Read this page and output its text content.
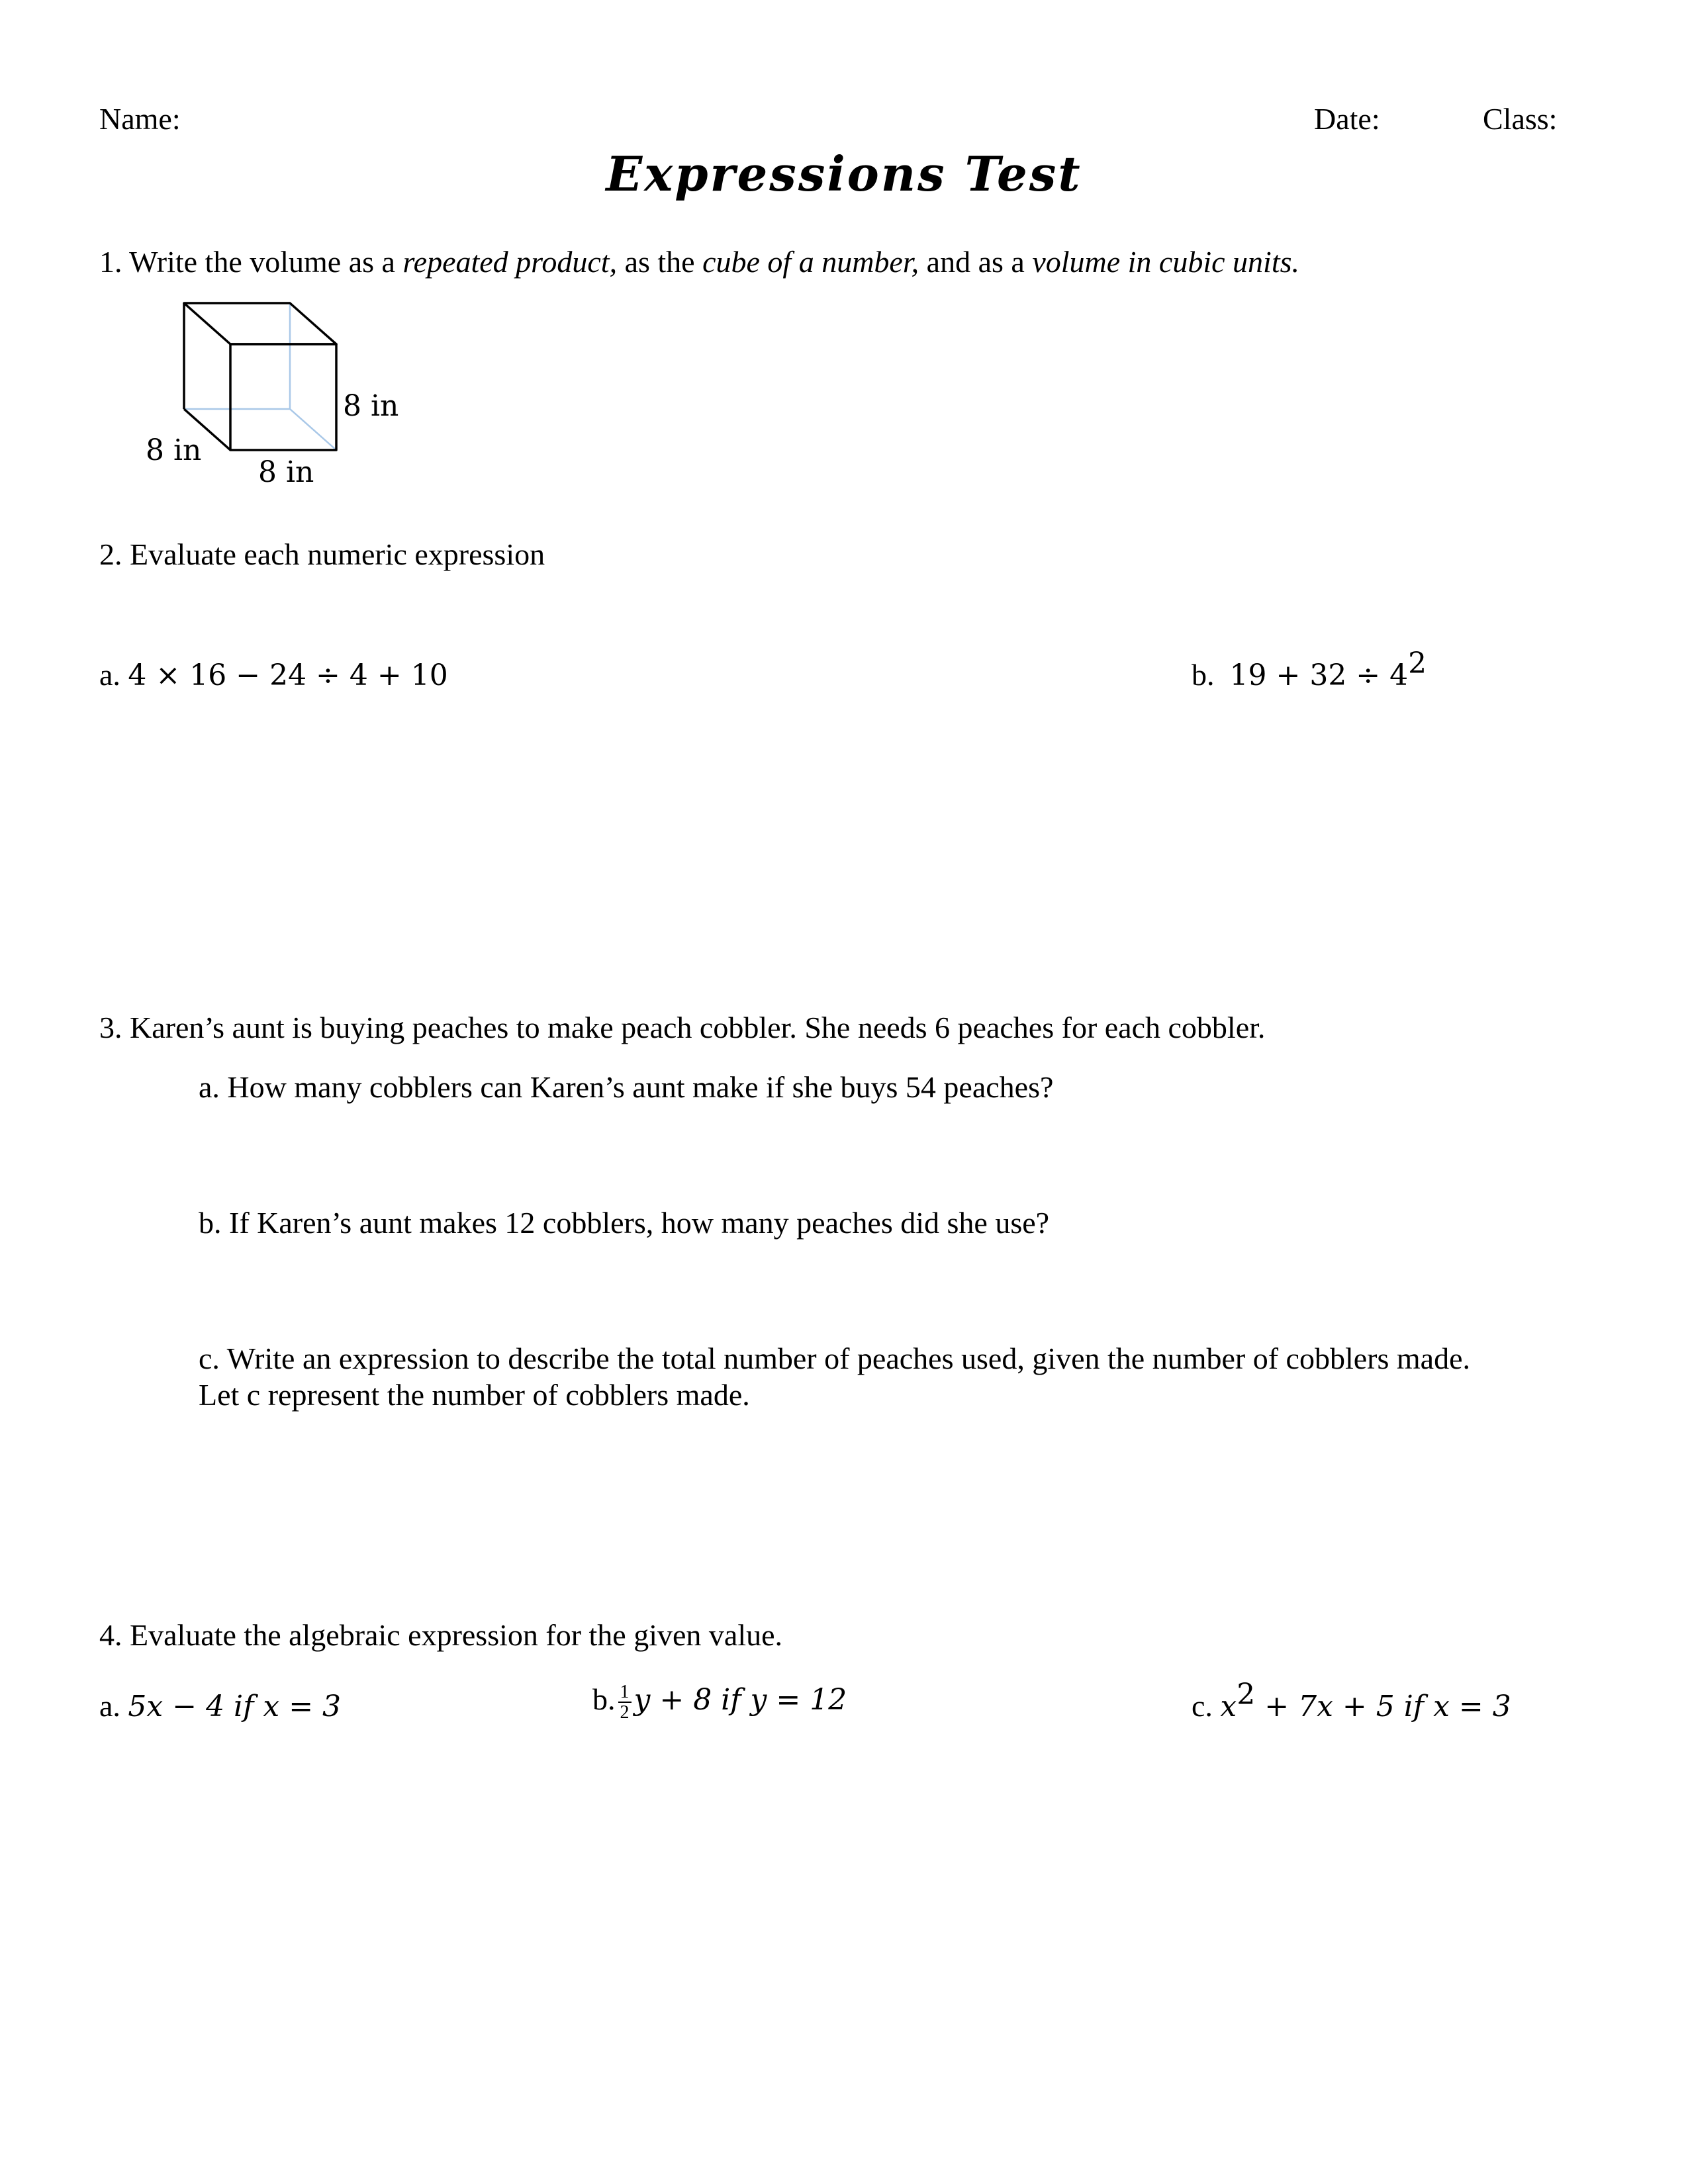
Name:	Date:	Class:
Expressions Test
1. Write the volume as a repeated product, as the cube of a number, and as a volume in cubic units.
8 in
8 in
8 in
2. Evaluate each numeric expression
a. 4 × 16 − 24 ÷ 4 + 10	b. $19 + 32 \div 4^2$
3. Karen’s aunt is buying peaches to make peach cobbler. She needs 6 peaches for each cobbler.
a. How many cobblers can Karen’s aunt make if she buys 54 peaches?
b. If Karen’s aunt makes 12 cobblers, how many peaches did she use?
c. Write an expression to describe the total number of peaches used, given the number of cobblers made.
Let c represent the number of cobblers made.
4. Evaluate the algebraic expression for the given value.
a. 5x − 4 if x = 3	b. $\frac{1}{2}$ y + 8 if y = 12	c. $x^2 + 7x + 5$ if x = 3
